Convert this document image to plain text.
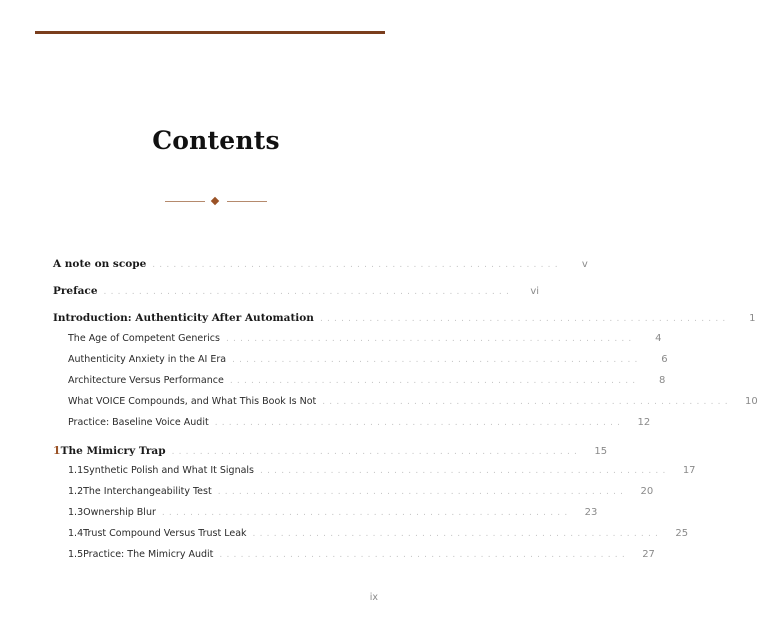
Contents
A note on scope ..........................................................	v
Preface ..........................................................	vi
Introduction: Authenticity After Automation ..........................................................	1
The Age of Competent Generics ..........................................................	4
Authenticity Anxiety in the AI Era ..........................................................	6
Architecture Versus Performance ..........................................................	8
What VOICE Compounds, and What This Book Is Not ..........................................................	10
Practice: Baseline Voice Audit ..........................................................	12
1 The Mimicry Trap ..........................................................	15
1.1 Synthetic Polish and What It Signals ..........................................................	17
1.2 The Interchangeability Test ..........................................................	20
1.3 Ownership Blur ..........................................................	23
1.4 Trust Compound Versus Trust Leak ..........................................................	25
1.5 Practice: The Mimicry Audit ..........................................................	27
ix
